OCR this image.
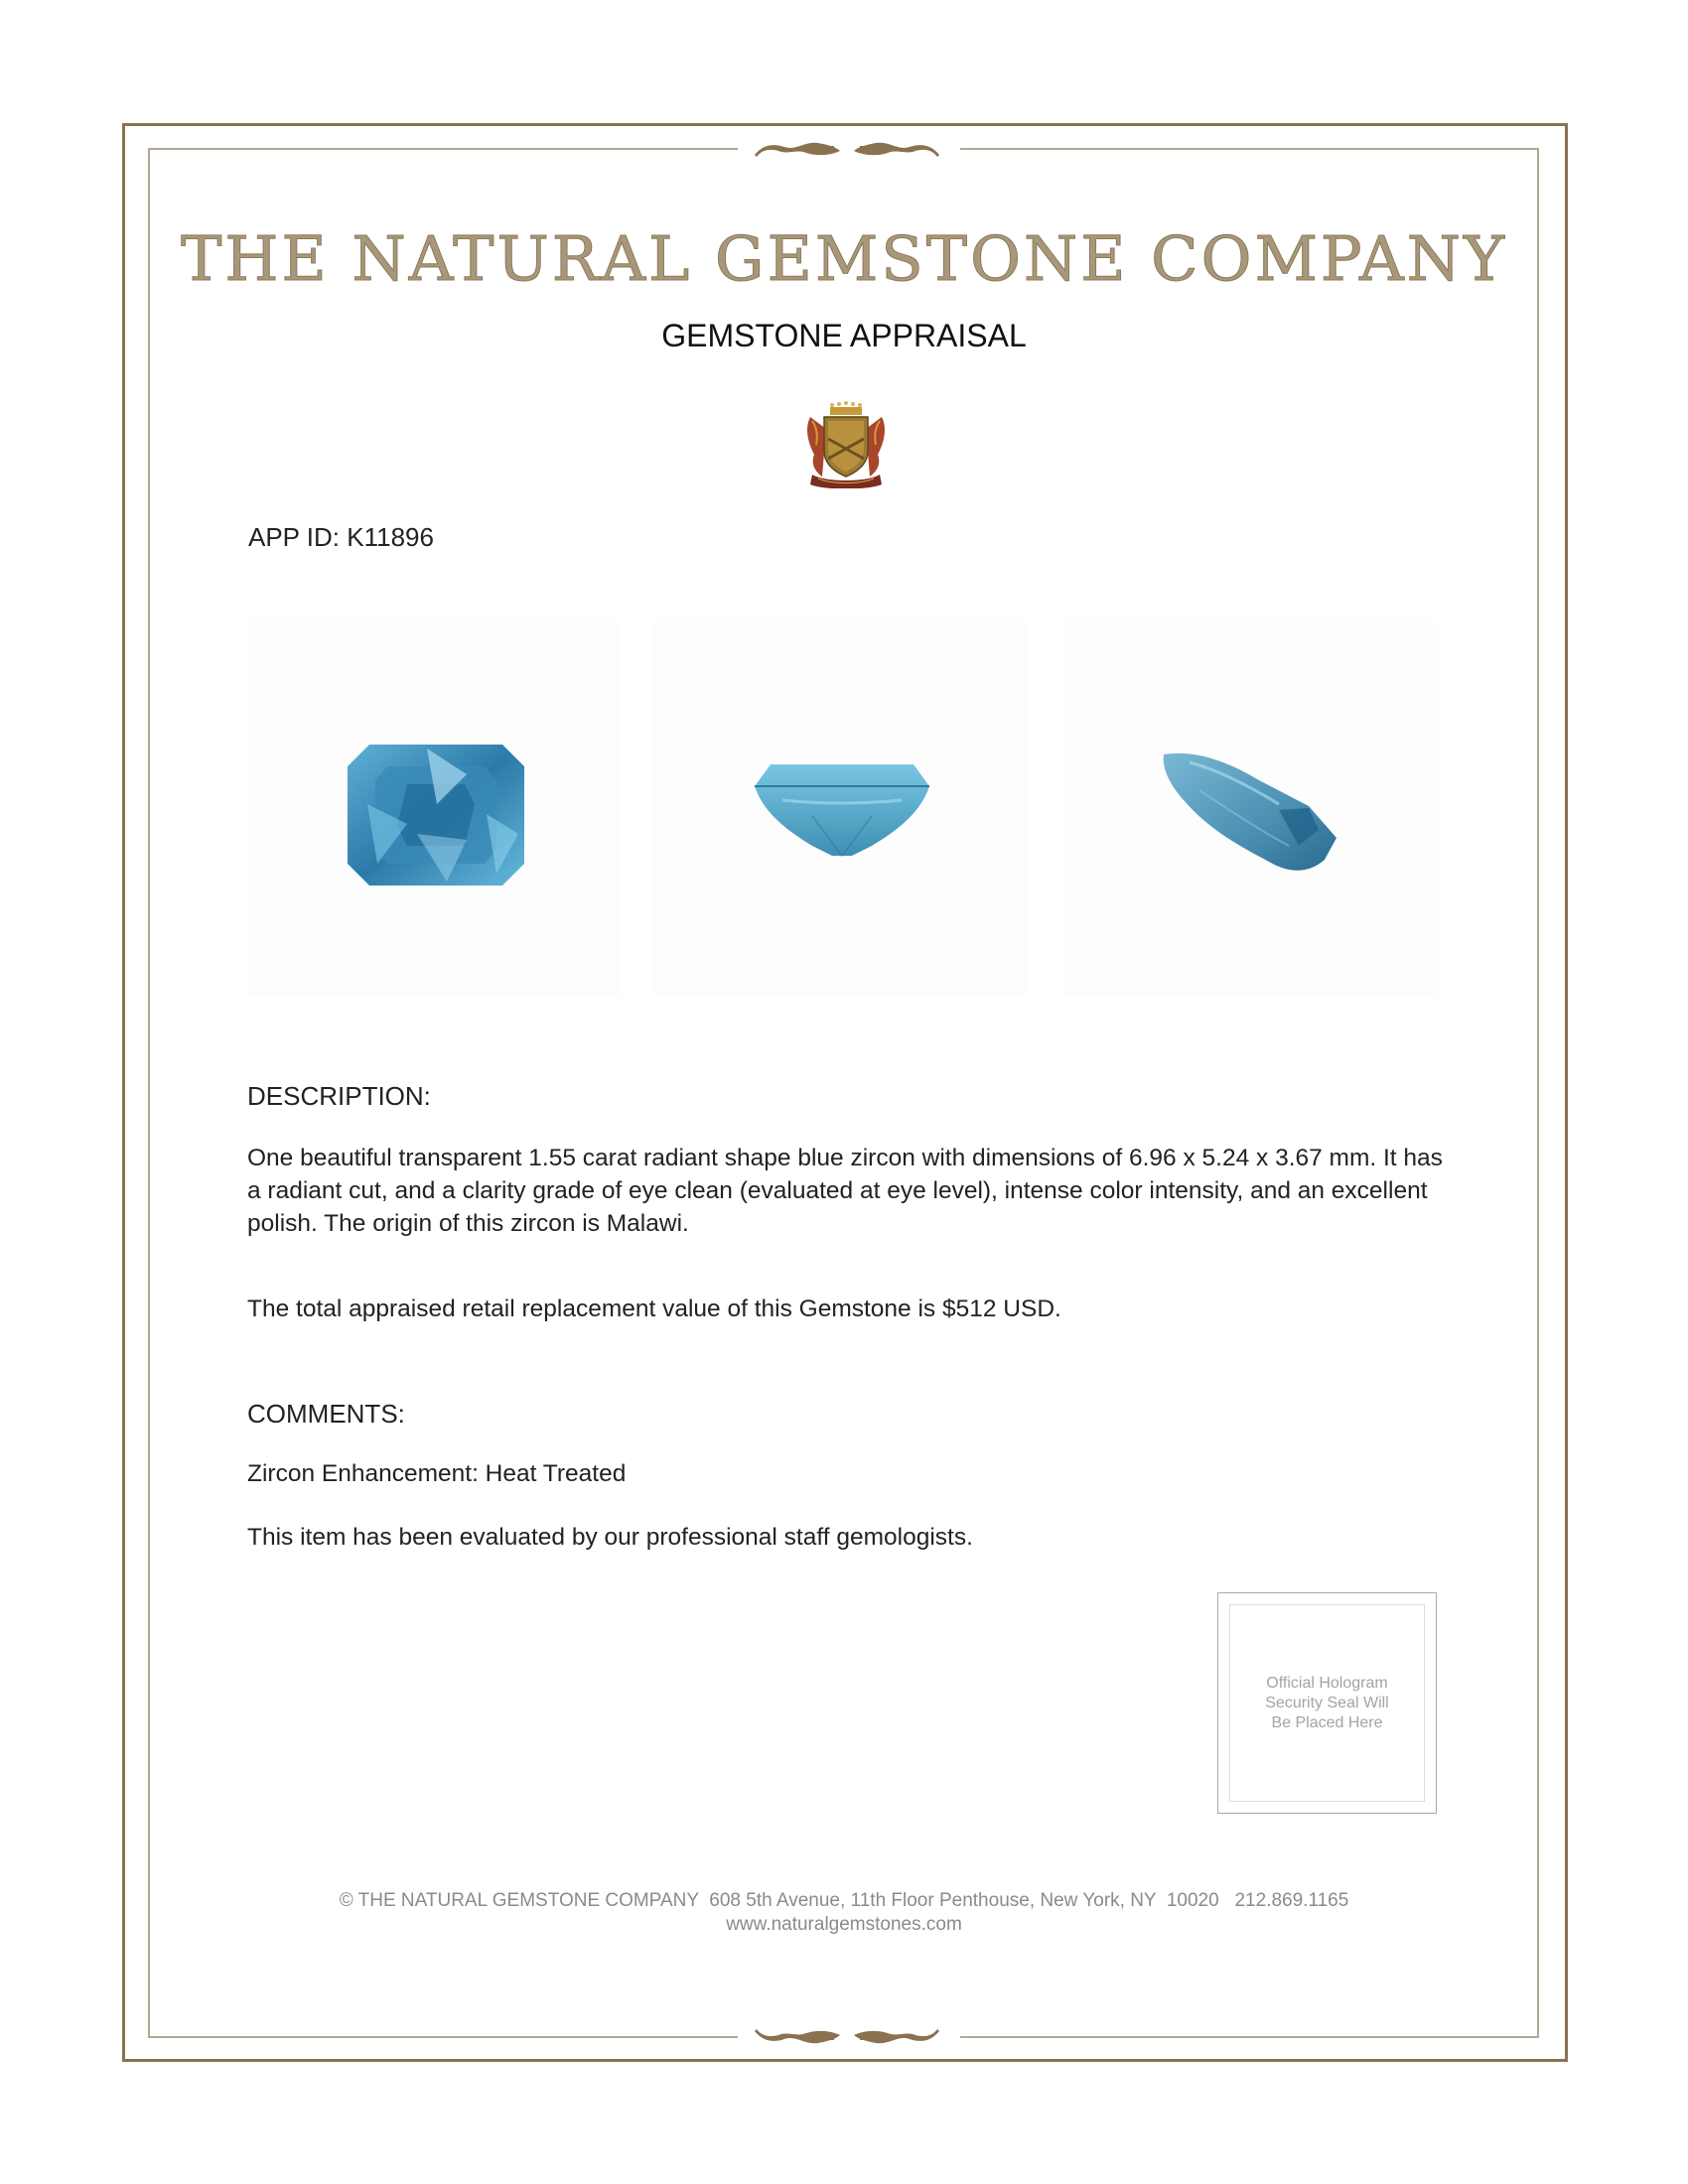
THE NATURAL GEMSTONE COMPANY
GEMSTONE APPRAISAL
APP ID: K11896
DESCRIPTION:
One beautiful transparent 1.55 carat radiant shape blue zircon with dimensions of 6.96 x 5.24 x 3.67 mm. It has a radiant cut, and a clarity grade of eye clean (evaluated at eye level), intense color intensity, and an excellent polish. The origin of this zircon is Malawi.
The total appraised retail replacement value of this Gemstone is $512 USD.
COMMENTS:
Zircon Enhancement: Heat Treated
This item has been evaluated by our professional staff gemologists.
Official Hologram
Security Seal Will
Be Placed Here
© THE NATURAL GEMSTONE COMPANY  608 5th Avenue, 11th Floor Penthouse, New York, NY  10020   212.869.1165
www.naturalgemstones.com
